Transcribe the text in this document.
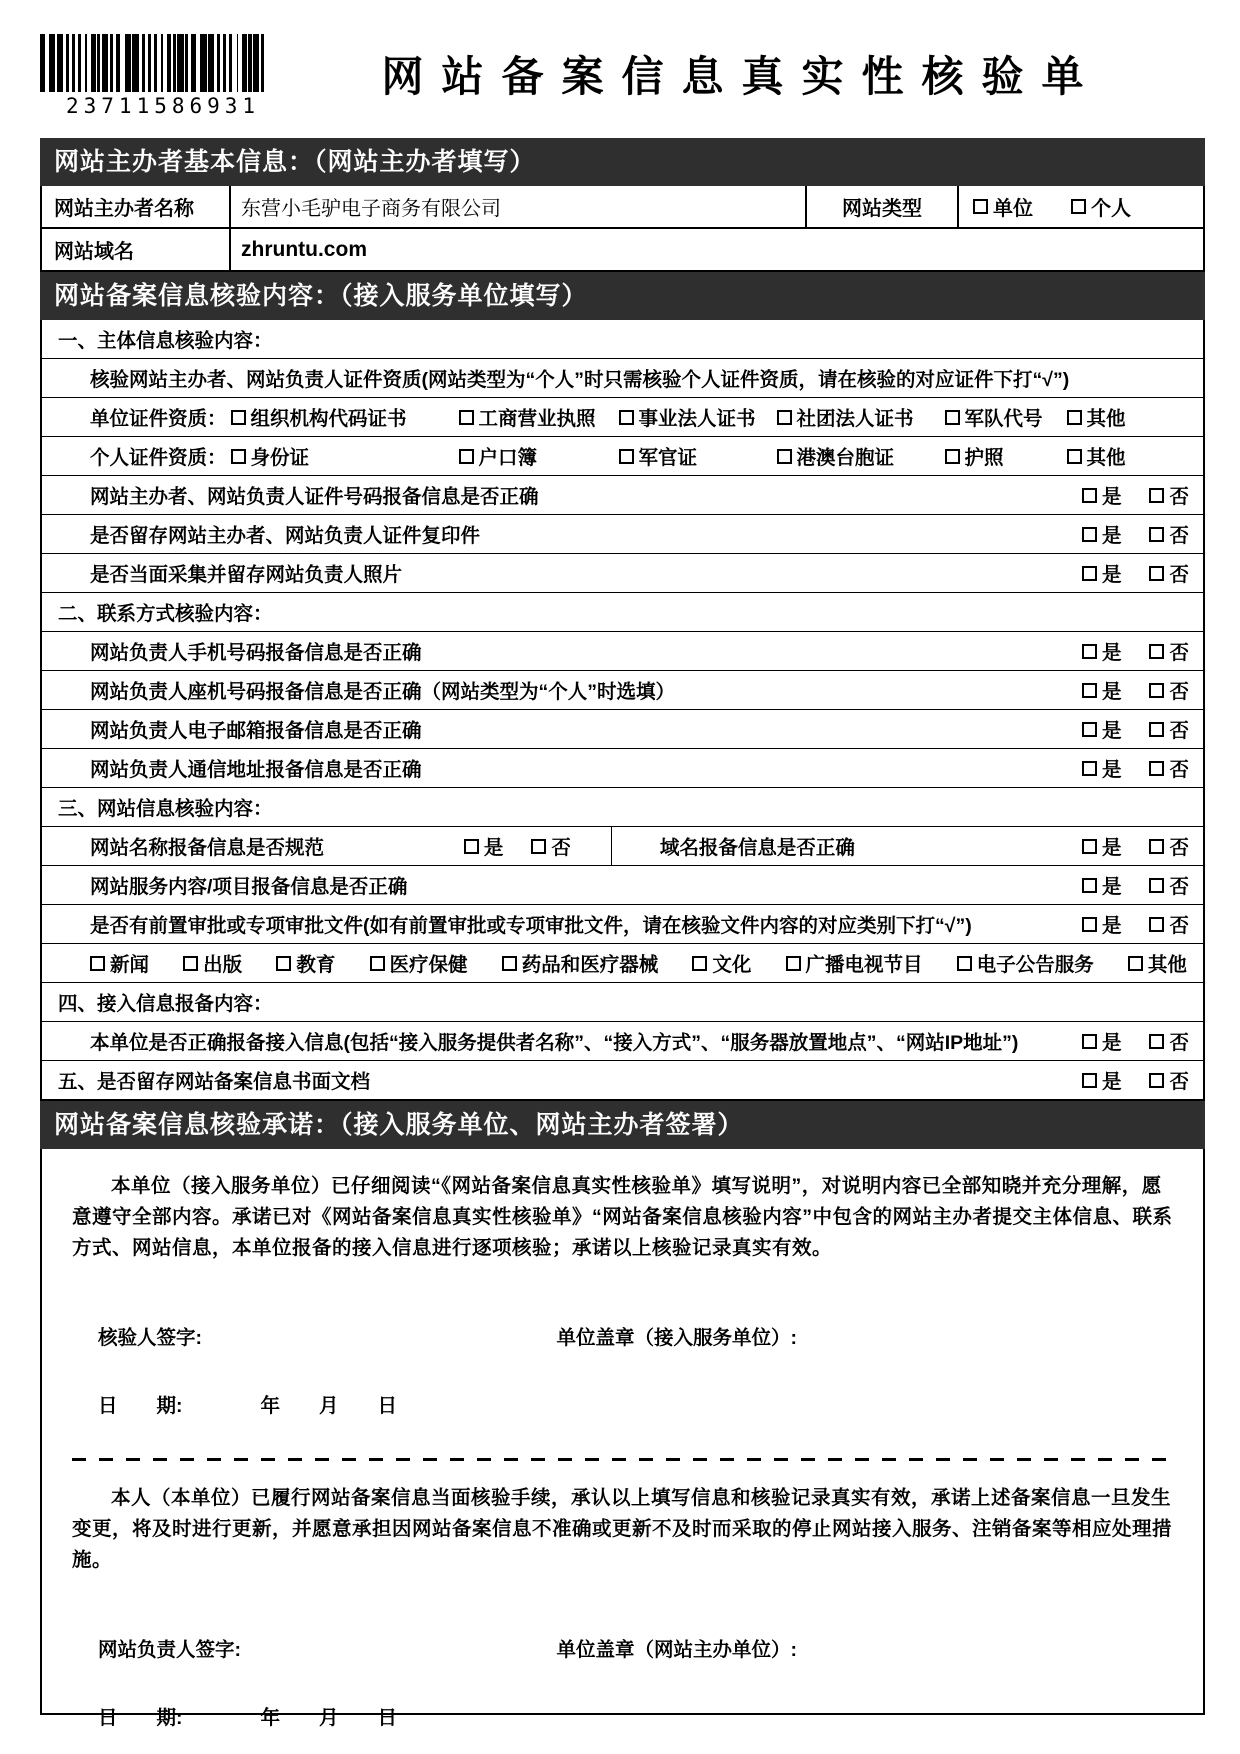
23711586931
网站备案信息真实性核验单
网站主办者基本信息：（网站主办者填写）
网站主办者名称	东营小毛驴电子商务有限公司	网站类型	单位	个人
网站域名	zhruntu.com
网站备案信息核验内容：（接入服务单位填写）
一、主体信息核验内容：
核验网站主办者、网站负责人证件资质(网站类型为“个人”时只需核验个人证件资质，请在核验的对应证件下打“√”)
单位证件资质： 组织机构代码证书	工商营业执照 事业法人证书 社团法人证书	军队代号 其他
个人证件资质： 身份证	户口簿	军官证	港澳台胞证	护照	其他
网站主办者、网站负责人证件号码报备信息是否正确	是 否
是否留存网站主办者、网站负责人证件复印件	是 否
是否当面采集并留存网站负责人照片	是 否
二、联系方式核验内容：
网站负责人手机号码报备信息是否正确	是 否
网站负责人座机号码报备信息是否正确（网站类型为“个人”时选填）	是 否
网站负责人电子邮箱报备信息是否正确	是 否
网站负责人通信地址报备信息是否正确	是 否
三、网站信息核验内容：
网站名称报备信息是否规范	是 否	域名报备信息是否正确	是 否
网站服务内容/项目报备信息是否正确	是 否
是否有前置审批或专项审批文件(如有前置审批或专项审批文件，请在核验文件内容的对应类别下打“√”)	是 否
新闻	出版	教育	医疗保健	药品和医疗器械	文化	广播电视节目	电子公告服务	其他
四、接入信息报备内容：
本单位是否正确报备接入信息(包括“接入服务提供者名称”、“接入方式”、“服务器放置地点”、“网站IP地址”)	是 否
五、是否留存网站备案信息书面文档	是 否
网站备案信息核验承诺：（接入服务单位、网站主办者签署）

本单位（接入服务单位）已仔细阅读“《网站备案信息真实性核验单》填写说明”，对说明内容已全部知晓并充分理解，愿意遵守全部内容。承诺已对《网站备案信息真实性核验单》“网站备案信息核验内容”中包含的网站主办者提交主体信息、联系方式、网站信息，本单位报备的接入信息进行逐项核验；承诺以上核验记录真实有效。

核验人签字:	单位盖章（接入服务单位）:
日　　期:　　　　年　　月　　日

本人（本单位）已履行网站备案信息当面核验手续，承认以上填写信息和核验记录真实有效，承诺上述备案信息一旦发生变更，将及时进行更新，并愿意承担因网站备案信息不准确或更新不及时而采取的停止网站接入服务、注销备案等相应处理措施。

网站负责人签字:	单位盖章（网站主办单位）:
日　　期:　　　　年　　月　　日
